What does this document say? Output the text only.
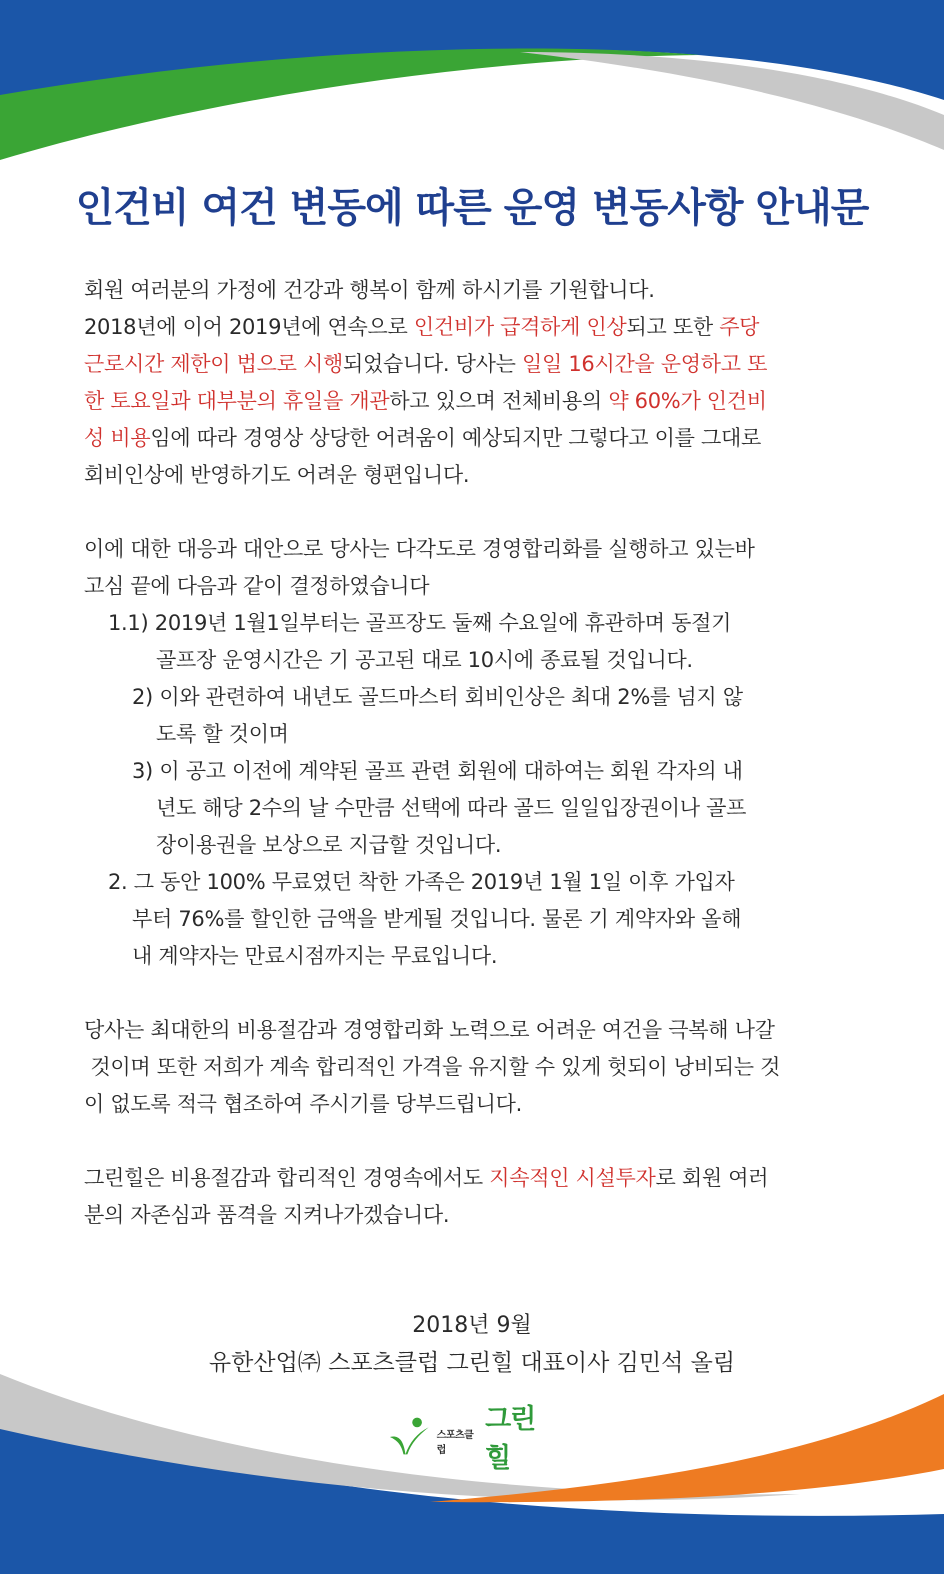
인건비 여건 변동에 따른 운영 변동사항 안내문

회원 여러분의 가정에 건강과 행복이 함께 하시기를 기원합니다.

2018년에 이어 2019년에 연속으로 인건비가 급격하게 인상되고 또한 주당

근로시간 제한이 법으로 시행되었습니다. 당사는 일일 16시간을 운영하고 또

한 토요일과 대부분의 휴일을 개관하고 있으며 전체비용의 약 60%가 인건비

성 비용임에 따라 경영상 상당한 어려움이 예상되지만 그렇다고 이를 그대로

회비인상에 반영하기도 어려운 형편입니다.

이에 대한 대응과 대안으로 당사는 다각도로 경영합리화를 실행하고 있는바

고심 끝에 다음과 같이 결정하였습니다

1.1) 2019년 1월1일부터는 골프장도 둘째 수요일에 휴관하며 동절기

골프장 운영시간은 기 공고된 대로 10시에 종료될 것입니다.

2) 이와 관련하여 내년도 골드마스터 회비인상은 최대 2%를 넘지 않

도록 할 것이며

3) 이 공고 이전에 계약된 골프 관련 회원에 대하여는 회원 각자의 내

년도 해당 2수의 날 수만큼 선택에 따라 골드 일일입장권이나 골프

장이용권을 보상으로 지급할 것입니다.

2. 그 동안 100% 무료였던 착한 가족은 2019년 1월 1일 이후 가입자

부터 76%를 할인한 금액을 받게될 것입니다. 물론 기 계약자와 올해

내 계약자는 만료시점까지는 무료입니다.

당사는 최대한의 비용절감과 경영합리화 노력으로 어려운 여건을 극복해 나갈

것이며 또한 저희가 계속 합리적인 가격을 유지할 수 있게 헛되이 낭비되는 것

이 없도록 적극 협조하여 주시기를 당부드립니다.

그린힐은 비용절감과 합리적인 경영속에서도 지속적인 시설투자로 회원 여러

분의 자존심과 품격을 지켜나가겠습니다.

2018년 9월
유한산업㈜ 스포츠클럽 그린힐 대표이사 김민석 올림
스포츠클럽
그린힐
